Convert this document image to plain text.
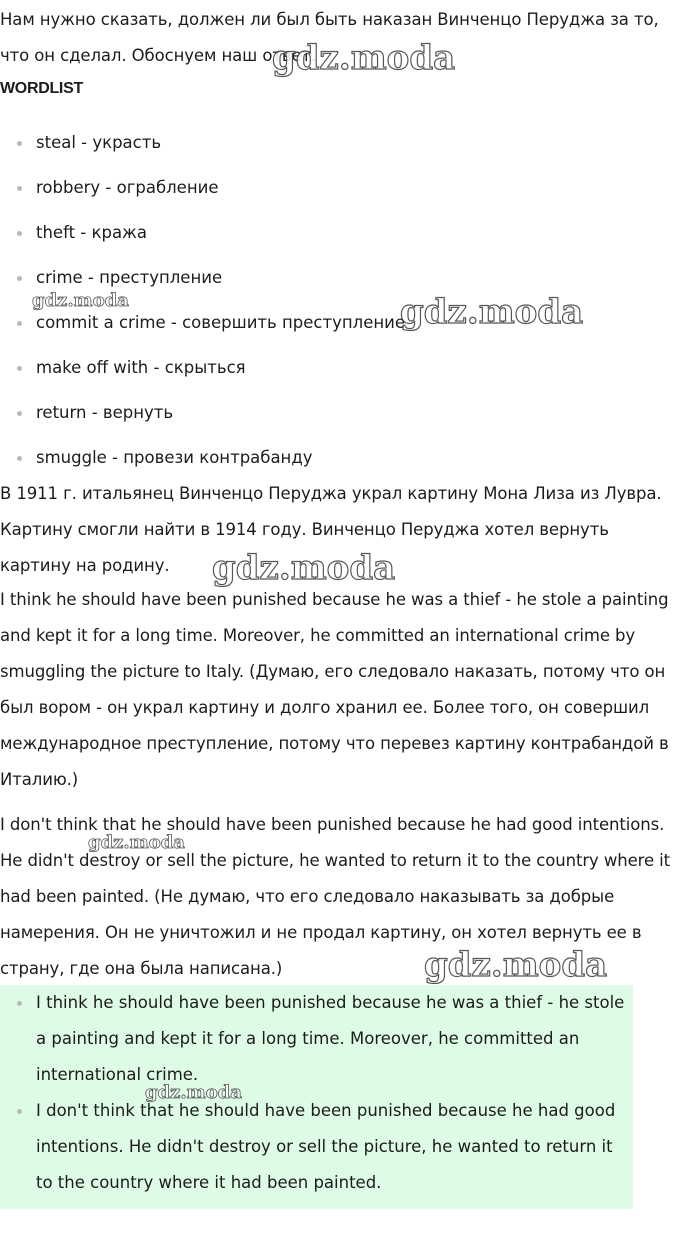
Нам нужно сказать, должен ли был быть наказан Винченцо Перуджа за то, что он сделал. Обоснуем наш ответ.

WORDLIST
steal - украсть
robbery - ограбление
theft - кража
crime - преступление
commit a crime - совершить преступление
make off with - скрыться
return - вернуть
smuggle - провези контрабанду

В 1911 г. итальянец Винченцо Перуджа украл картину Мона Лиза из Лувра. Картину смогли найти в 1914 году. Винченцо Перуджа хотел вернуть картину на родину.

I think he should have been punished because he was a thief - he stole a painting and kept it for a long time. Moreover, he committed an international crime by smuggling the picture to Italy. (Думаю, его следовало наказать, потому что он был вором - он украл картину и долго хранил ее. Более того, он совершил международное преступление, потому что перевез картину контрабандой в Италию.)

I don't think that he should have been punished because he had good intentions. He didn't destroy or sell the picture, he wanted to return it to the country where it had been painted. (Не думаю, что его следовало наказывать за добрые намерения. Он не уничтожил и не продал картину, он хотел вернуть ее в страну, где она была написана.)

I think he should have been punished because he was a thief - he stole a painting and kept it for a long time. Moreover, he committed an international crime.
I don't think that he should have been punished because he had good intentions. He didn't destroy or sell the picture, he wanted to return it to the country where it had been painted.
gdz.moda
gdz.moda	gdz.moda
gdz.moda
gdz.moda
gdz.moda
gdz.moda
